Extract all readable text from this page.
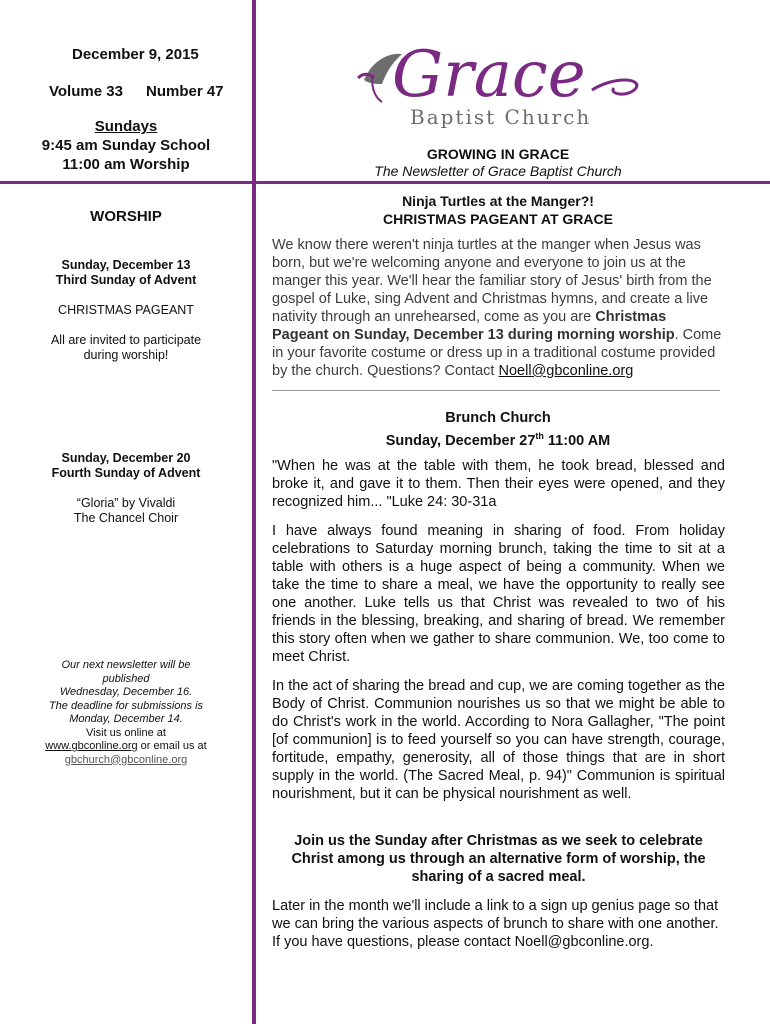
December 9, 2015
Volume 33 Number 47
Sundays
9:45 am Sunday School
11:00 am Worship
WORSHIP

Sunday, December 13

Third Sunday of Advent

CHRISTMAS PAGEANT

All are invited to participate

during worship!

Sunday, December 20

Fourth Sunday of Advent

“Gloria” by Vivaldi

The Chancel Choir

Our next newsletter will be
published
Wednesday, December 16.
The deadline for submissions is
Monday, December 14.
Visit us online at
www.gbconline.org or email us at
gbchurch@gbconline.org
Grace
Baptist Church
GROWING IN GRACE
The Newsletter of Grace Baptist Church
Ninja Turtles at the Manger?!
CHRISTMAS PAGEANT AT GRACE
We know there weren't ninja turtles at the manger when Jesus was born, but we're welcoming anyone and everyone to join us at the manger this year. We'll hear the familiar story of Jesus' birth from the gospel of Luke, sing Advent and Christmas hymns, and create a live nativity through an unrehearsed, come as you are Christmas Pageant on Sunday, December 13 during morning worship. Come in your favorite costume or dress up in a traditional costume provided by the church. Questions? Contact Noell@gbconline.org
Brunch Church
Sunday, December 27th 11:00 AM
"When he was at the table with them, he took bread, blessed and broke it, and gave it to them. Then their eyes were opened, and they recognized him... "Luke 24: 30-31a
I have always found meaning in sharing of food. From holiday celebrations to Saturday morning brunch, taking the time to sit at a table with others is a huge aspect of being a community. When we take the time to share a meal, we have the opportunity to really see one another. Luke tells us that Christ was revealed to two of his friends in the blessing, breaking, and sharing of bread. We remember this story often when we gather to share communion. We, too come to meet Christ.
In the act of sharing the bread and cup, we are coming together as the Body of Christ. Communion nourishes us so that we might be able to do Christ's work in the world. According to Nora Gallagher, "The point [of communion] is to feed yourself so you can have strength, courage, fortitude, empathy, generosity, all of those things that are in short supply in the world. (The Sacred Meal, p. 94)" Communion is spiritual nourishment, but it can be physical nourishment as well.
Join us the Sunday after Christmas as we seek to celebrate Christ among us through an alternative form of worship, the sharing of a sacred meal.
Later in the month we'll include a link to a sign up genius page so that we can bring the various aspects of brunch to share with one another. If you have questions, please contact Noell@gbconline.org.
